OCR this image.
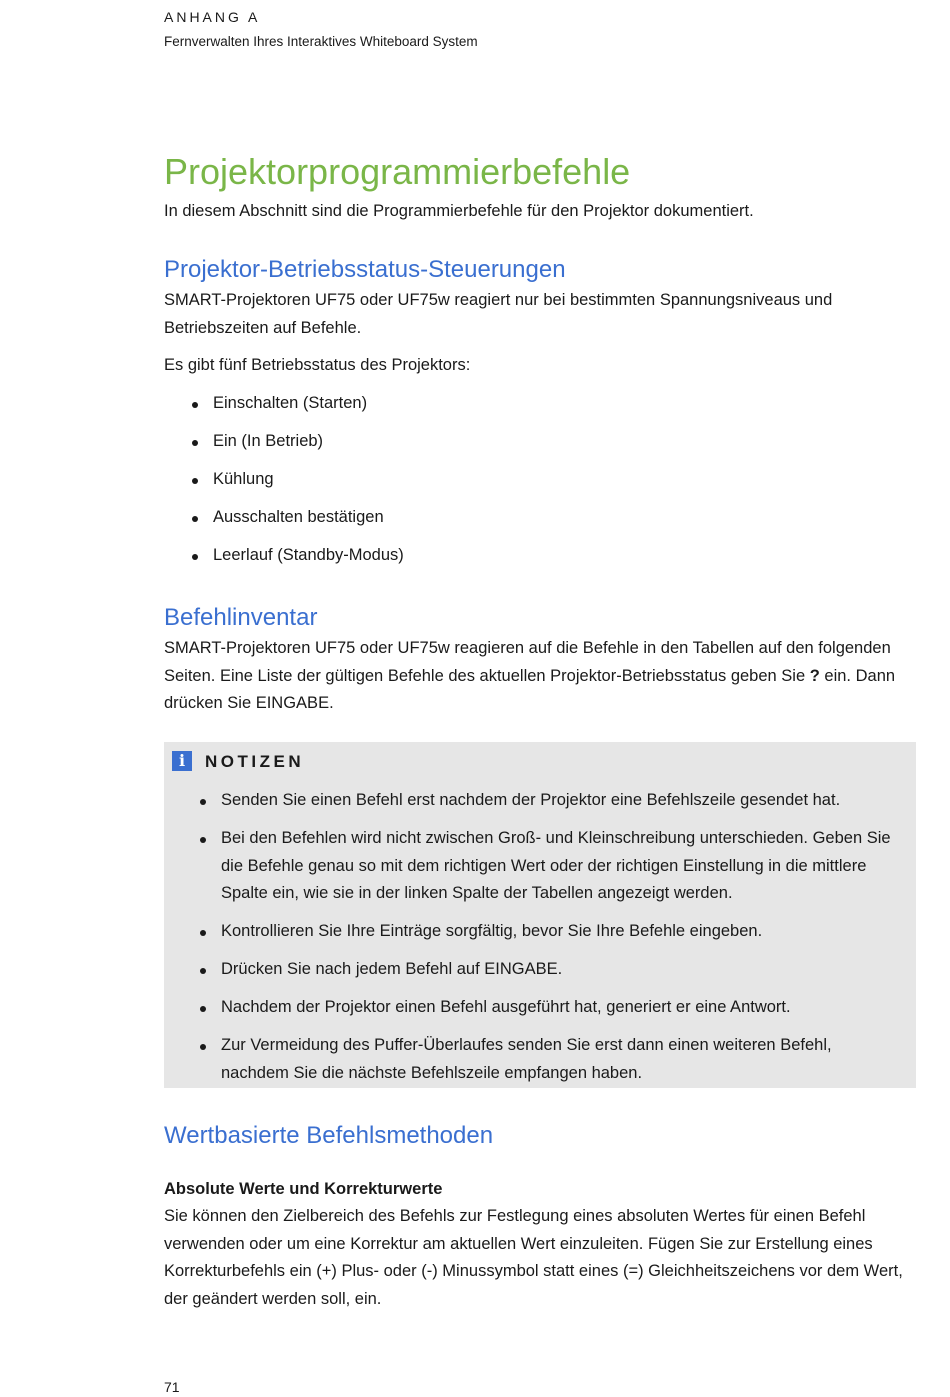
ANHANG A
Fernverwalten Ihres Interaktives Whiteboard System
Projektorprogrammierbefehle

In diesem Abschnitt sind die Programmierbefehle für den Projektor dokumentiert.

Projektor-Betriebsstatus-Steuerungen

SMART-Projektoren UF75 oder UF75w reagiert nur bei bestimmten Spannungsniveaus und Betriebszeiten auf Befehle.

Es gibt fünf Betriebsstatus des Projektors:

Einschalten (Starten)
Ein (In Betrieb)
Kühlung
Ausschalten bestätigen
Leerlauf (Standby-Modus)
Befehlinventar

SMART-Projektoren UF75 oder UF75w reagieren auf die Befehle in den Tabellen auf den folgenden Seiten. Eine Liste der gültigen Befehle des aktuellen Projektor-Betriebsstatus geben Sie ? ein. Dann drücken Sie EINGABE.

i	NOTIZEN
Senden Sie einen Befehl erst nachdem der Projektor eine Befehlszeile gesendet hat.
Bei den Befehlen wird nicht zwischen Groß- und Kleinschreibung unterschieden. Geben Sie die Befehle genau so mit dem richtigen Wert oder der richtigen Einstellung in die mittlere Spalte ein, wie sie in der linken Spalte der Tabellen angezeigt werden.
Kontrollieren Sie Ihre Einträge sorgfältig, bevor Sie Ihre Befehle eingeben.
Drücken Sie nach jedem Befehl auf EINGABE.
Nachdem der Projektor einen Befehl ausgeführt hat, generiert er eine Antwort.
Zur Vermeidung des Puffer-Überlaufes senden Sie erst dann einen weiteren Befehl, nachdem Sie die nächste Befehlszeile empfangen haben.
Wertbasierte Befehlsmethoden
Absolute Werte und Korrekturwerte

Sie können den Zielbereich des Befehls zur Festlegung eines absoluten Wertes für einen Befehl verwenden oder um eine Korrektur am aktuellen Wert einzuleiten. Fügen Sie zur Erstellung eines Korrekturbefehls ein (+) Plus- oder (-) Minussymbol statt eines (=) Gleichheitszeichens vor dem Wert, der geändert werden soll, ein.

71
